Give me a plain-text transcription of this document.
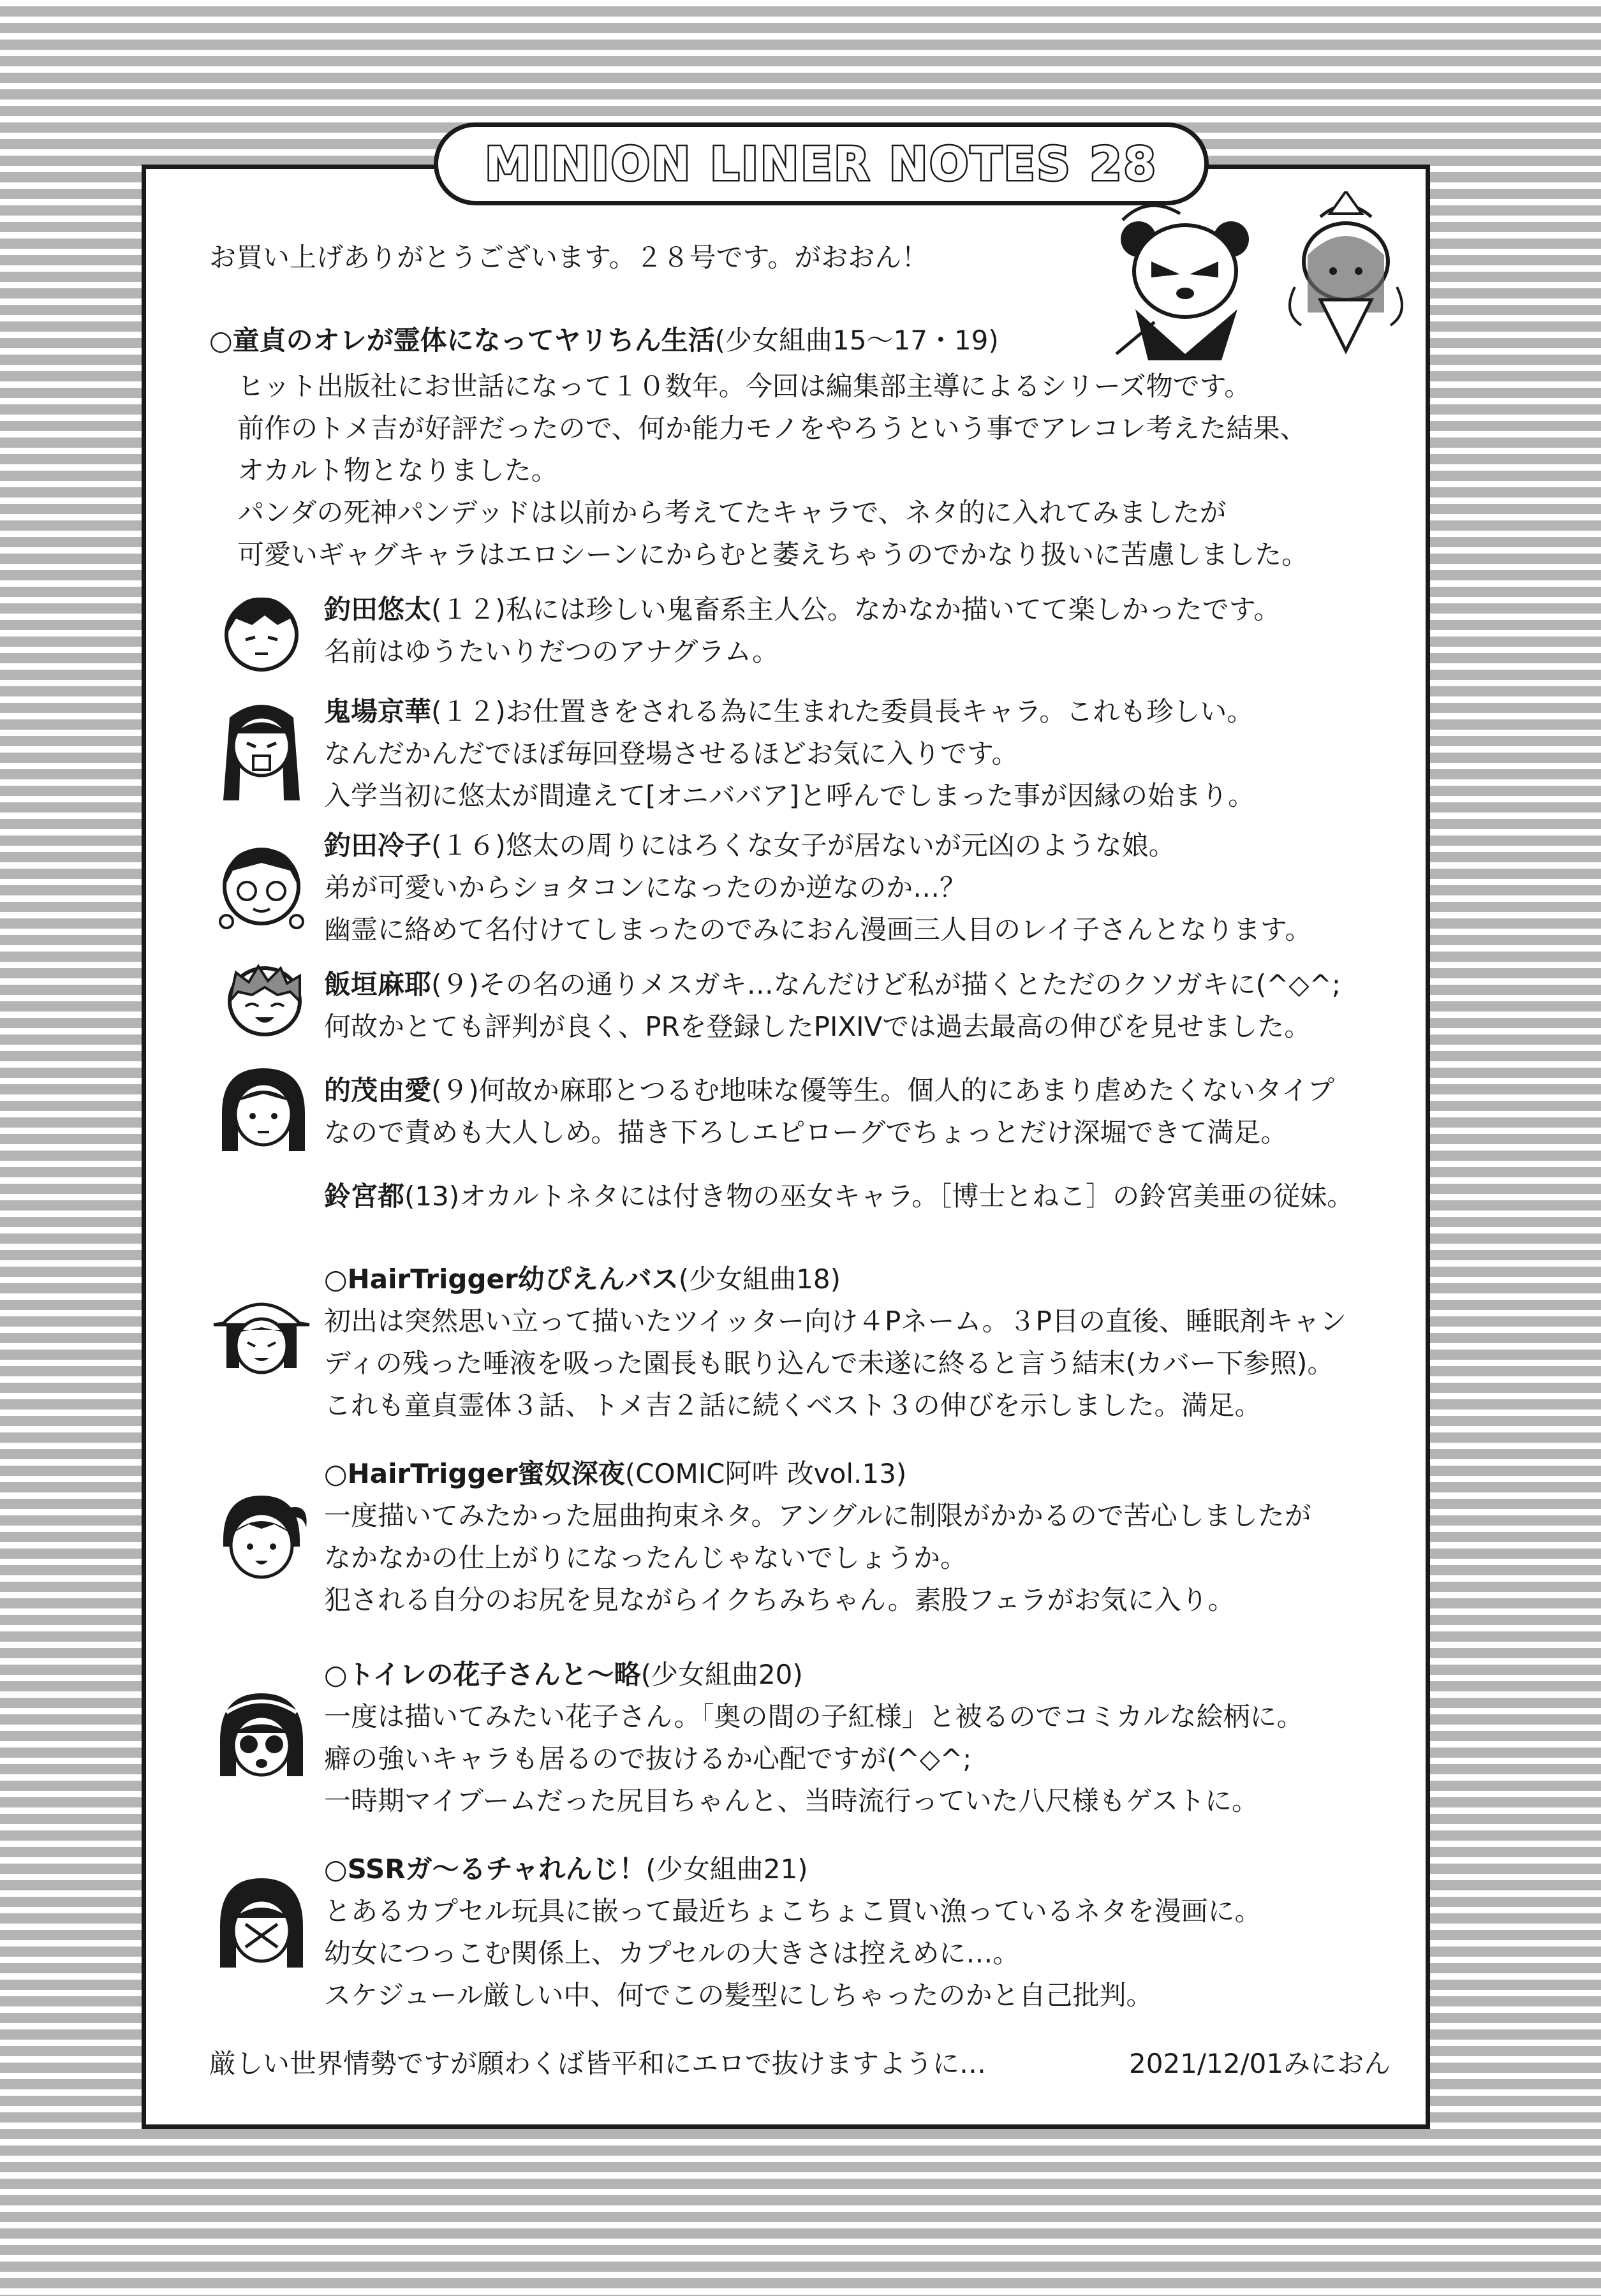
MINION LINER NOTES 28
お買い上げありがとうございます。２８号です。がおおん！
○童貞のオレが霊体になってヤリちん生活(少女組曲15～17・19)
ヒット出版社にお世話になって１０数年。今回は編集部主導によるシリーズ物です。
前作のトメ吉が好評だったので、何か能力モノをやろうという事でアレコレ考えた結果、
オカルト物となりました。
パンダの死神パンデッドは以前から考えてたキャラで、ネタ的に入れてみましたが
可愛いギャグキャラはエロシーンにからむと萎えちゃうのでかなり扱いに苦慮しました。
釣田悠太(１２)私には珍しい鬼畜系主人公。なかなか描いてて楽しかったです。
名前はゆうたいりだつのアナグラム。
鬼場京華(１２)お仕置きをされる為に生まれた委員長キャラ。これも珍しい。
なんだかんだでほぼ毎回登場させるほどお気に入りです。
入学当初に悠太が間違えて[オニババア]と呼んでしまった事が因縁の始まり。
釣田冷子(１６)悠太の周りにはろくな女子が居ないが元凶のような娘。
弟が可愛いからショタコンになったのか逆なのか…？
幽霊に絡めて名付けてしまったのでみにおん漫画三人目のレイ子さんとなります。
飯垣麻耶(９)その名の通りメスガキ…なんだけど私が描くとただのクソガキに(^◇^;
何故かとても評判が良く、PRを登録したPIXIVでは過去最高の伸びを見せました。
的茂由愛(９)何故か麻耶とつるむ地味な優等生。個人的にあまり虐めたくないタイプ
なので責めも大人しめ。描き下ろしエピローグでちょっとだけ深堀できて満足。
鈴宮都(13)オカルトネタには付き物の巫女キャラ。［博士とねこ］の鈴宮美亜の従妹。
○HairTrigger幼ぴえんバス(少女組曲18)
初出は突然思い立って描いたツイッター向け４Pネーム。３P目の直後、睡眠剤キャン
ディの残った唾液を吸った園長も眠り込んで未遂に終ると言う結末(カバー下参照)。
これも童貞霊体３話、トメ吉２話に続くベスト３の伸びを示しました。満足。
○HairTrigger蜜奴深夜(COMIC阿吽 改vol.13)
一度描いてみたかった屈曲拘束ネタ。アングルに制限がかかるので苦心しましたが
なかなかの仕上がりになったんじゃないでしょうか。
犯される自分のお尻を見ながらイクちみちゃん。素股フェラがお気に入り。
○トイレの花子さんと～略(少女組曲20)
一度は描いてみたい花子さん。「奥の間の子紅様」と被るのでコミカルな絵柄に。
癖の強いキャラも居るので抜けるか心配ですが(^◇^;
一時期マイブームだった尻目ちゃんと、当時流行っていた八尺様もゲストに。
○SSRガ～るチャれんじ！(少女組曲21)
とあるカプセル玩具に嵌って最近ちょこちょこ買い漁っているネタを漫画に。
幼女につっこむ関係上、カプセルの大きさは控えめに…。
スケジュール厳しい中、何でこの髪型にしちゃったのかと自己批判。
厳しい世界情勢ですが願わくば皆平和にエロで抜けますように…	2021/12/01みにおん
